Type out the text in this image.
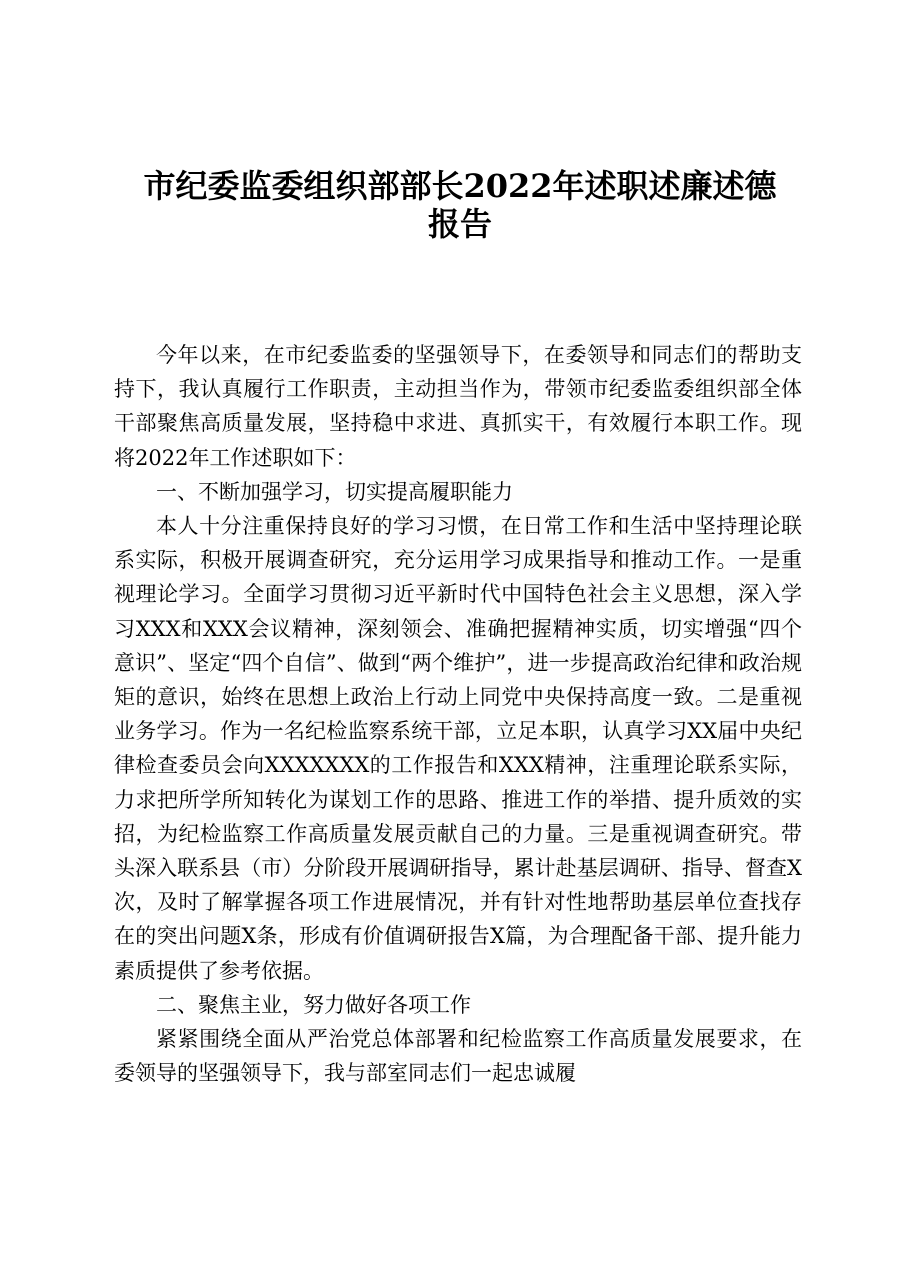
市纪委监委组织部部长2022年述职述廉述德
报告

今年以来，在市纪委监委的坚强领导下，在委领导和同志们的帮助支持下，我认真履行工作职责，主动担当作为，带领市纪委监委组织部全体干部聚焦高质量发展，坚持稳中求进、真抓实干，有效履行本职工作。现将2022年工作述职如下：

一、不断加强学习，切实提高履职能力

本人十分注重保持良好的学习习惯，在日常工作和生活中坚持理论联系实际，积极开展调查研究，充分运用学习成果指导和推动工作。一是重视理论学习。全面学习贯彻习近平新时代中国特色社会主义思想，深入学习XXX和XXX会议精神，深刻领会、准确把握精神实质，切实增强“四个意识”、坚定“四个自信”、做到“两个维护”，进一步提高政治纪律和政治规矩的意识，始终在思想上政治上行动上同党中央保持高度一致。二是重视业务学习。作为一名纪检监察系统干部，立足本职，认真学习XX届中央纪律检查委员会向XXXXXXX的工作报告和XXX精神，注重理论联系实际，力求把所学所知转化为谋划工作的思路、推进工作的举措、提升质效的实招，为纪检监察工作高质量发展贡献自己的力量。三是重视调查研究。带头深入联系县（市）分阶段开展调研指导，累计赴基层调研、指导、督查X次，及时了解掌握各项工作进展情况，并有针对性地帮助基层单位查找存在的突出问题X条，形成有价值调研报告X篇，为合理配备干部、提升能力素质提供了参考依据。

二、聚焦主业，努力做好各项工作

紧紧围绕全面从严治党总体部署和纪检监察工作高质量发展要求，在委领导的坚强领导下，我与部室同志们一起忠诚履
